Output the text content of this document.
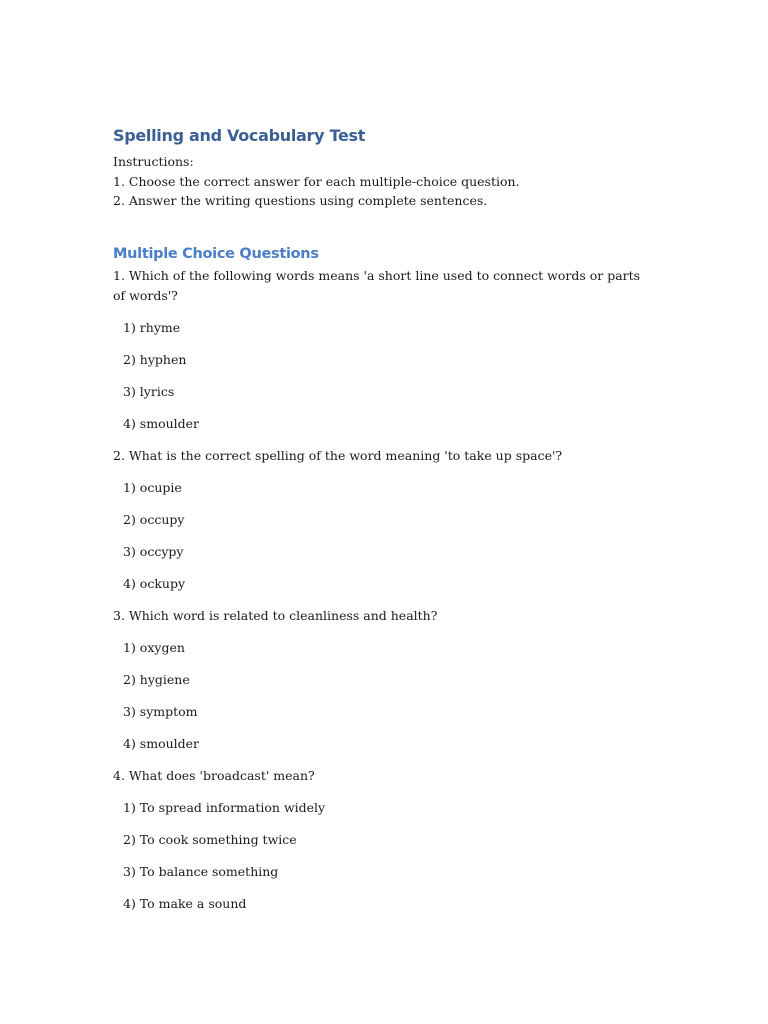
Spelling and Vocabulary Test

Instructions:

1. Choose the correct answer for each multiple-choice question.

2. Answer the writing questions using complete sentences.

Multiple Choice Questions

1. Which of the following words means 'a short line used to connect words or parts of words'?

1) rhyme

2) hyphen

3) lyrics

4) smoulder

2. What is the correct spelling of the word meaning 'to take up space'?

1) ocupie

2) occupy

3) occypy

4) ockupy

3. Which word is related to cleanliness and health?

1) oxygen

2) hygiene

3) symptom

4) smoulder

4. What does 'broadcast' mean?

1) To spread information widely

2) To cook something twice

3) To balance something

4) To make a sound
